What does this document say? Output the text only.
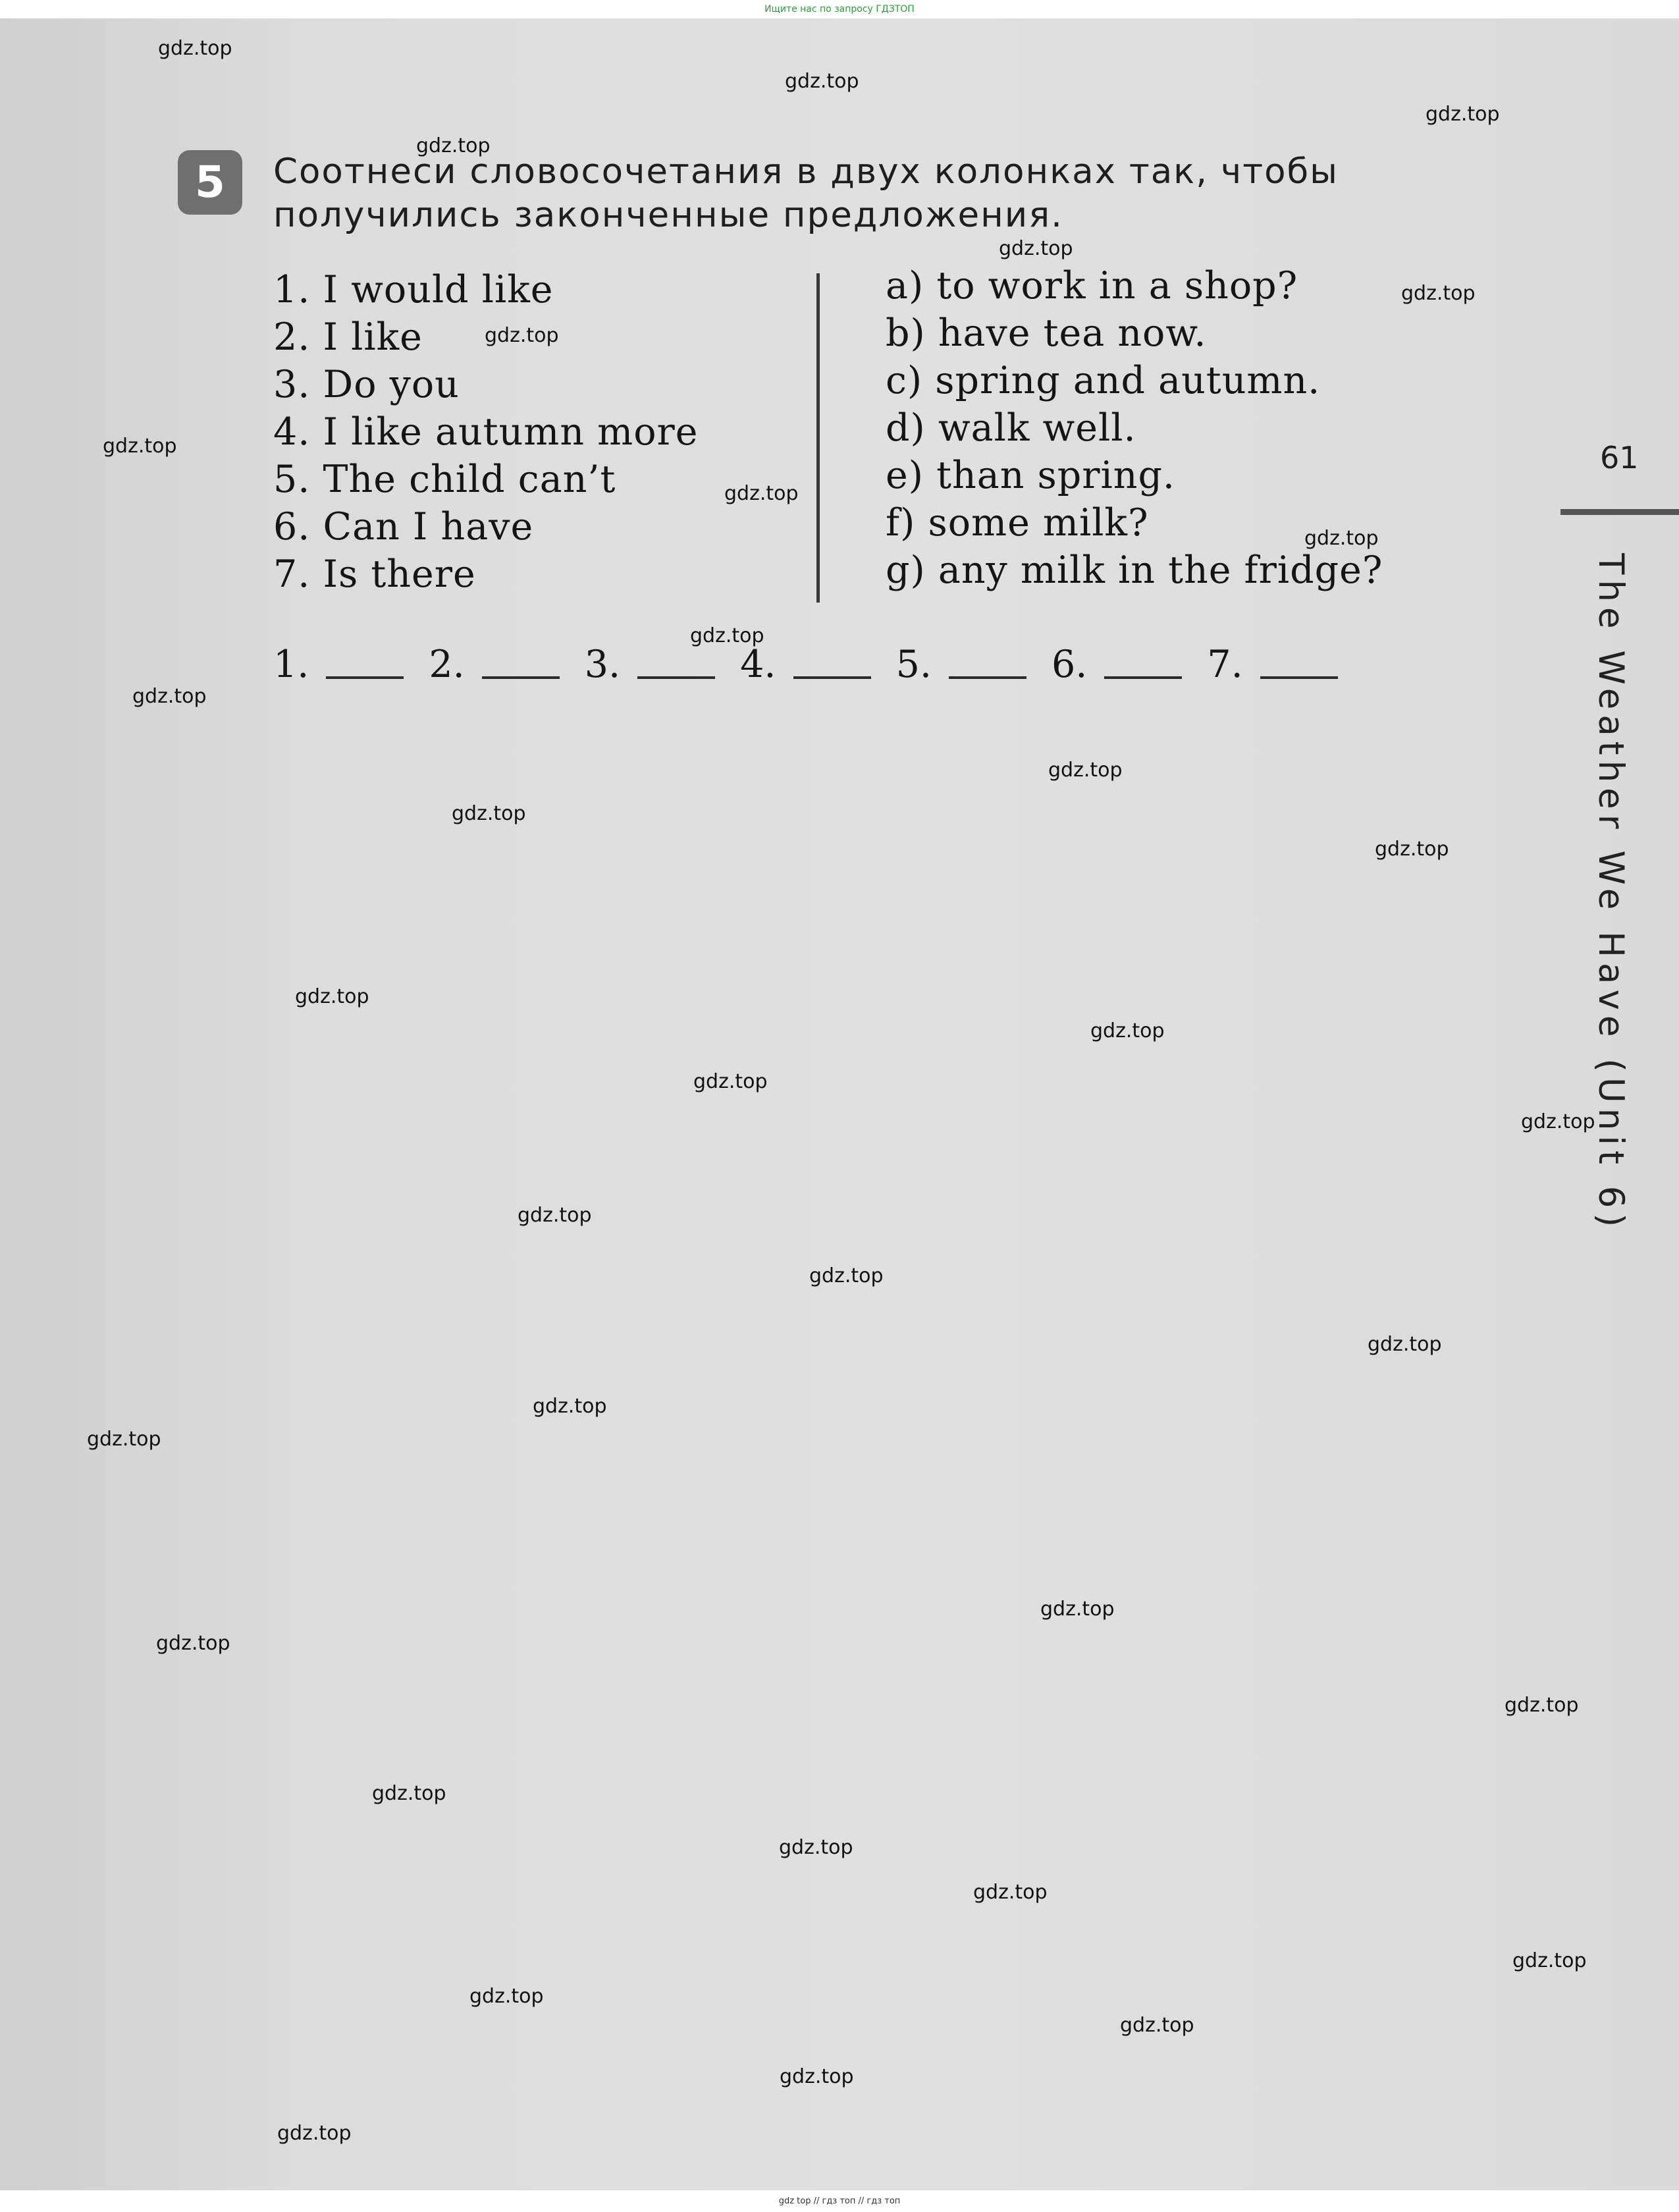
Ищите нас по запросу ГДЗТОП
5	Соотнеси словосочетания в двух колонках так, чтобы получились законченные предложения.
1. I would like
2. I like
3. Do you
4. I like autumn more
5. The child can’t
6. Can I have
7. Is there
a) to work in a shop?
b) have tea now.
c) spring and autumn.
d) walk well.
e) than spring.
f) some milk?
g) any milk in the fridge?
1.	2.	3.	4.	5.	6.	7.
61
The Weather We Have (Unit 6)
gdz.top
gdz.top
gdz.top
gdz.top
gdz.top
gdz.top
gdz.top
gdz.top
gdz.top
gdz.top
gdz.top
gdz.top
gdz.top
gdz.top
gdz.top
gdz.top
gdz.top
gdz.top
gdz.top
gdz.top
gdz.top
gdz.top
gdz.top
gdz.top
gdz.top
gdz.top
gdz.top
gdz.top
gdz.top
gdz.top
gdz.top
gdz.top
gdz.top
gdz.top
gdz.top
gdz top // гдз топ // гдз топ
